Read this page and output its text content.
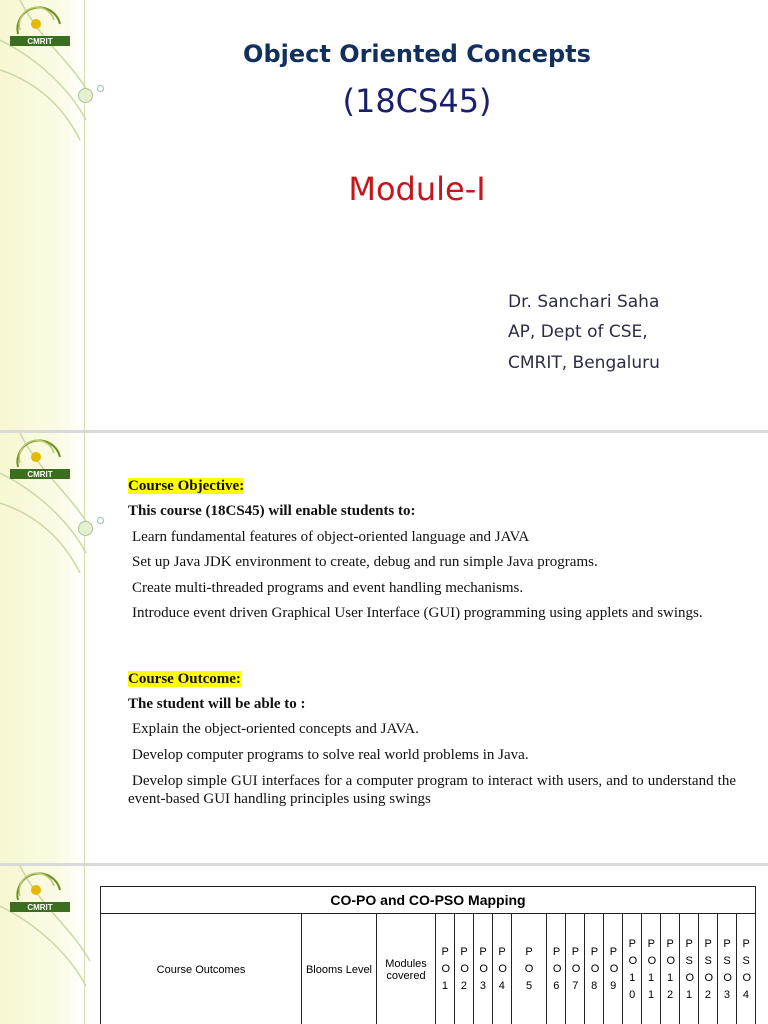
CMRIT	Object Oriented Concepts
(18CS45)
Module-I
Dr. Sanchari Saha
AP, Dept of CSE,
CMRIT, Bengaluru
CMRIT
Course Objective:
This course (18CS45) will enable students to:
Learn fundamental features of object-oriented language and JAVA
Set up Java JDK environment to create, debug and run simple Java programs.
Create multi-threaded programs and event handling mechanisms.
Introduce event driven Graphical User Interface (GUI) programming using applets and swings.
Course Outcome:
The student will be able to :
Explain the object-oriented concepts and JAVA.
Develop computer programs to solve real world problems in Java.
Develop simple GUI interfaces for a computer program to interact with users, and to understand the event-based GUI handling principles using swings
CMRIT	CO-PO and CO-PSO Mapping
Course Outcomes	Blooms Level	Modules covered	PO1	PO2	PO3	PO4	PO5	PO6	PO7	PO8	PO9	PO10	PO11	PO12	PSO1	PSO2	PSO3	PSO4
